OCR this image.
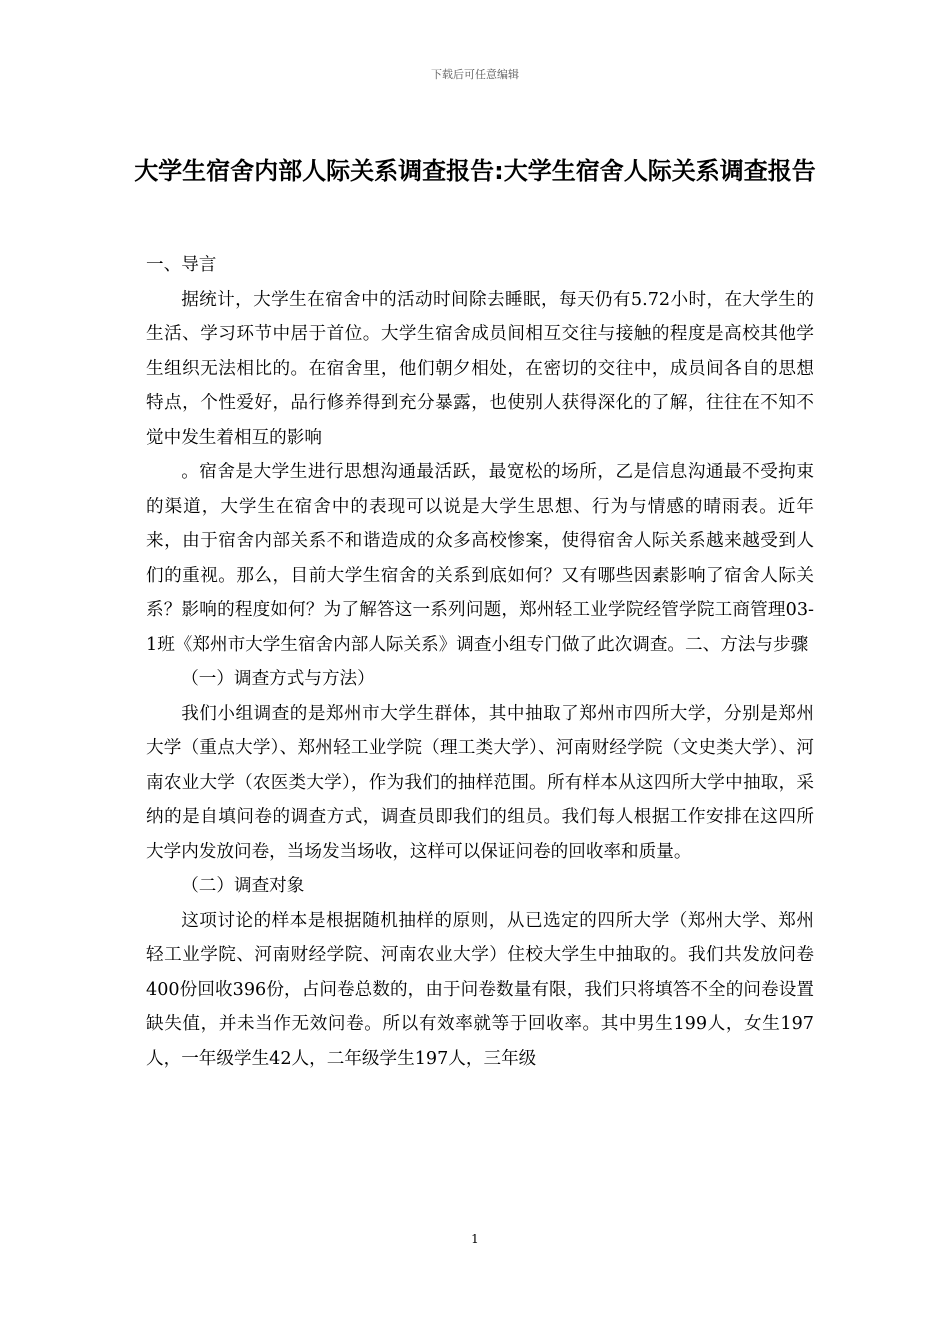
下载后可任意编辑
大学生宿舍内部人际关系调查报告:大学生宿舍人际关系调查报告

一、导言

据统计，大学生在宿舍中的活动时间除去睡眠，每天仍有5.72小时，在大学生的生活、学习环节中居于首位。大学生宿舍成员间相互交往与接触的程度是高校其他学生组织无法相比的。在宿舍里，他们朝夕相处，在密切的交往中，成员间各自的思想特点，个性爱好，品行修养得到充分暴露，也使别人获得深化的了解，往往在不知不觉中发生着相互的影响

。宿舍是大学生进行思想沟通最活跃，最宽松的场所，乙是信息沟通最不受拘束的渠道，大学生在宿舍中的表现可以说是大学生思想、行为与情感的晴雨表。近年来，由于宿舍内部关系不和谐造成的众多高校惨案，使得宿舍人际关系越来越受到人们的重视。那么，目前大学生宿舍的关系到底如何？又有哪些因素影响了宿舍人际关系？影响的程度如何？为了解答这一系列问题，郑州轻工业学院经管学院工商管理03-1班《郑州市大学生宿舍内部人际关系》调查小组专门做了此次调查。二、方法与步骤

（一）调查方式与方法）

我们小组调查的是郑州市大学生群体，其中抽取了郑州市四所大学，分别是郑州大学（重点大学）、郑州轻工业学院（理工类大学）、河南财经学院（文史类大学）、河南农业大学（农医类大学），作为我们的抽样范围。所有样本从这四所大学中抽取，采纳的是自填问卷的调查方式，调查员即我们的组员。我们每人根据工作安排在这四所大学内发放问卷，当场发当场收，这样可以保证问卷的回收率和质量。

（二）调查对象

这项讨论的样本是根据随机抽样的原则，从已选定的四所大学（郑州大学、郑州轻工业学院、河南财经学院、河南农业大学）住校大学生中抽取的。我们共发放问卷400份回收396份，占问卷总数的，由于问卷数量有限，我们只将填答不全的问卷设置缺失值，并未当作无效问卷。所以有效率就等于回收率。其中男生199人，女生197人，一年级学生42人，二年级学生197人，三年级

1
